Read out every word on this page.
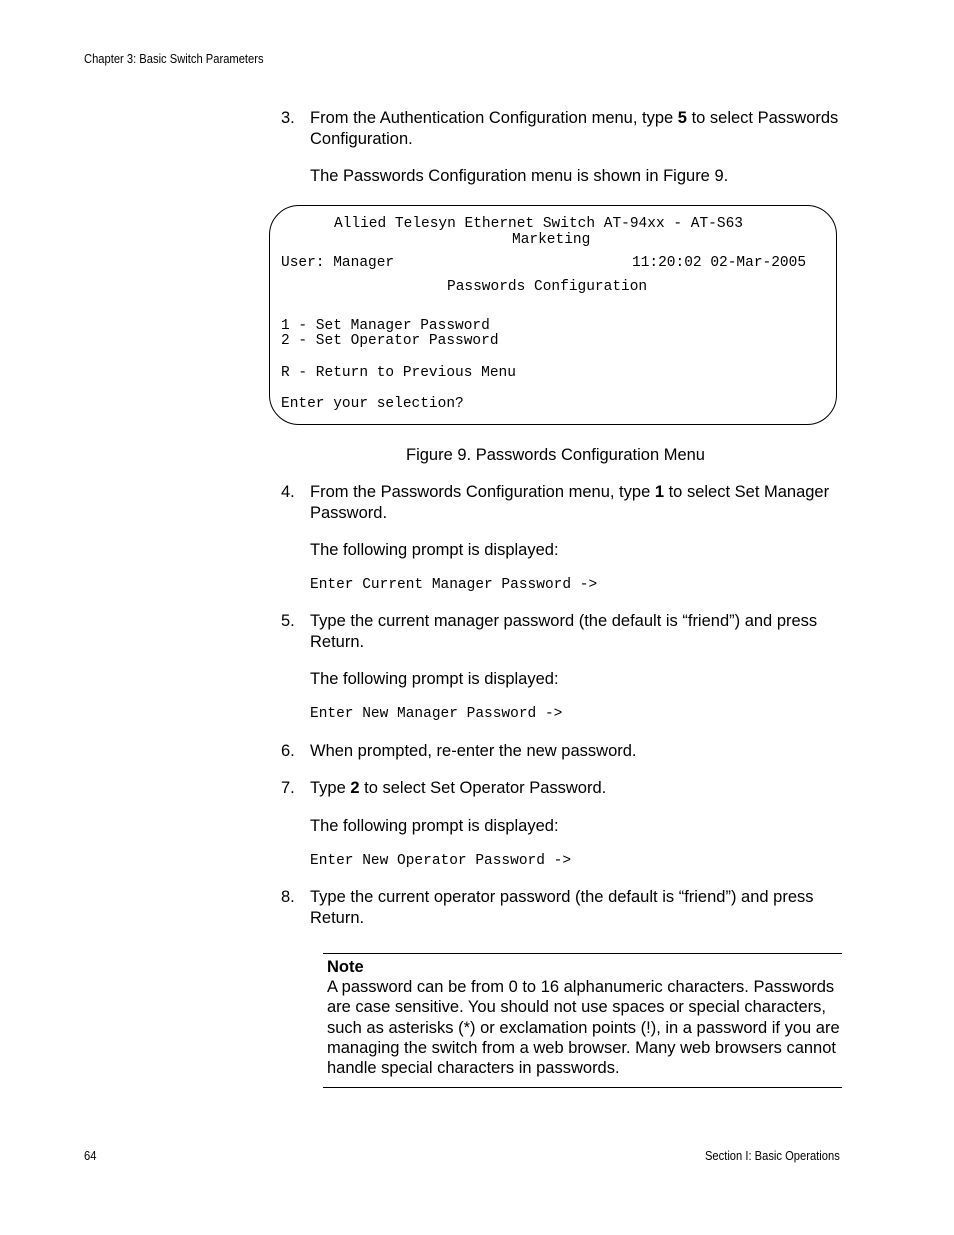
Chapter 3: Basic Switch Parameters
3. From the Authentication Configuration menu, type 5 to select Passwords Configuration.
The Passwords Configuration menu is shown in Figure 9.
Allied Telesyn Ethernet Switch AT-94xx - AT-S63
Marketing
User: Manager	11:20:02 02-Mar-2005
Passwords Configuration
1 - Set Manager Password
2 - Set Operator Password
R - Return to Previous Menu
Enter your selection?
Figure 9. Passwords Configuration Menu
4. From the Passwords Configuration menu, type 1 to select Set Manager Password.
The following prompt is displayed:
Enter Current Manager Password ->
5. Type the current manager password (the default is “friend”) and press Return.
The following prompt is displayed:
Enter New Manager Password ->
6. When prompted, re-enter the new password.
7. Type 2 to select Set Operator Password.
The following prompt is displayed:
Enter New Operator Password ->
8. Type the current operator password (the default is “friend”) and press Return.
Note
A password can be from 0 to 16 alphanumeric characters. Passwords are case sensitive. You should not use spaces or special characters, such as asterisks (*) or exclamation points (!), in a password if you are managing the switch from a web browser. Many web browsers cannot handle special characters in passwords.
64	Section I: Basic Operations
